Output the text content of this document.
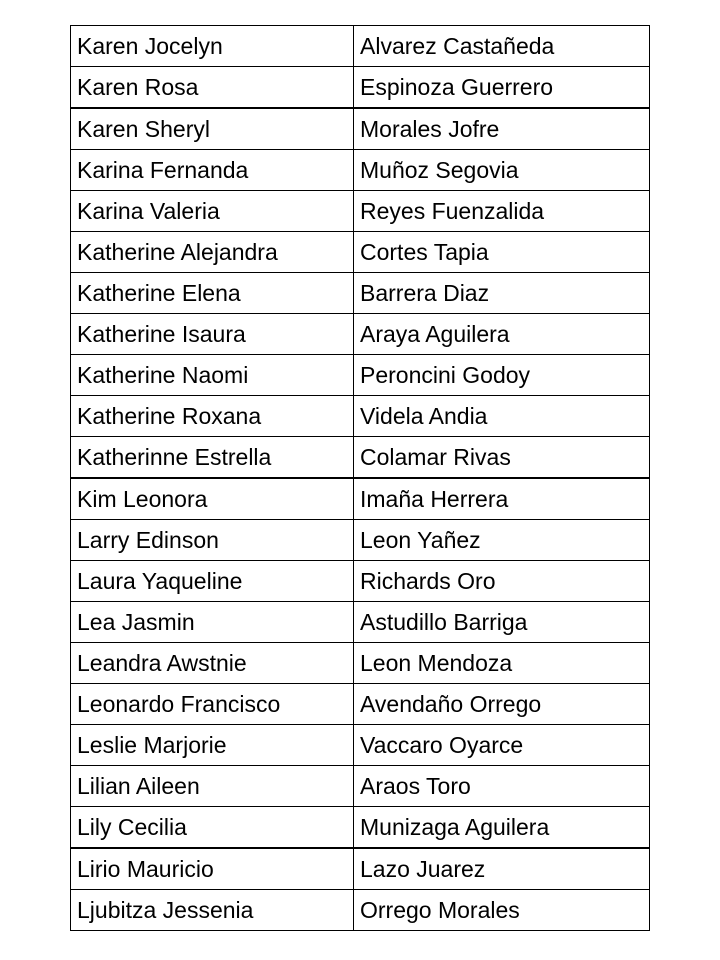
Karen Jocelyn	Alvarez Castañeda
Karen Rosa	Espinoza Guerrero
Karen Sheryl	Morales Jofre
Karina Fernanda	Muñoz Segovia
Karina Valeria	Reyes Fuenzalida
Katherine Alejandra	Cortes Tapia
Katherine Elena	Barrera Diaz
Katherine Isaura	Araya Aguilera
Katherine Naomi	Peroncini Godoy
Katherine Roxana	Videla Andia
Katherinne Estrella	Colamar Rivas
Kim Leonora	Imaña Herrera
Larry Edinson	Leon Yañez
Laura Yaqueline	Richards Oro
Lea Jasmin	Astudillo Barriga
Leandra Awstnie	Leon Mendoza
Leonardo Francisco	Avendaño Orrego
Leslie Marjorie	Vaccaro Oyarce
Lilian Aileen	Araos Toro
Lily Cecilia	Munizaga Aguilera
Lirio Mauricio	Lazo Juarez
Ljubitza Jessenia	Orrego Morales
